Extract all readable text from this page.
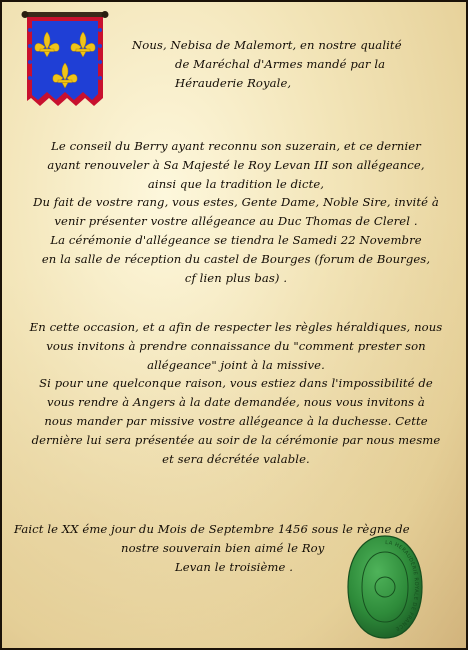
Nous, Nebisa de Malemort, en nostre qualité
de Maréchal d'Armes mandé par la
Hérauderie Royale,
Le conseil du Berry ayant reconnu son suzerain, et ce dernier
ayant renouveler à Sa Majesté le Roy Levan III son allégeance,
ainsi que la tradition le dicte,
Du fait de vostre rang, vous estes, Gente Dame, Noble Sire, invité à
venir présenter vostre allégeance au Duc Thomas de Clerel .
La cérémonie d'allégeance se tiendra le Samedi 22 Novembre
en la salle de réception du castel de Bourges (forum de Bourges,
cf lien plus bas) .
En cette occasion, et a afin de respecter les règles héraldiques, nous
vous invitons à prendre connaissance du "comment prester son
allégeance" joint à la missive.
Si pour une quelconque raison, vous estiez dans l'impossibilité de
vous rendre à Angers à la date demandée, nous vous invitons à
nous mander par missive vostre allégeance à la duchesse. Cette
dernière lui sera présentée au soir de la cérémonie par nous mesme
et sera décrétée valable.
Faict le XX éme jour du Mois de Septembre 1456 sous le règne de
nostre souverain bien aimé le Roy
Levan le troisième .
LA HERAUDERIE ROYALE DE FRANCE
